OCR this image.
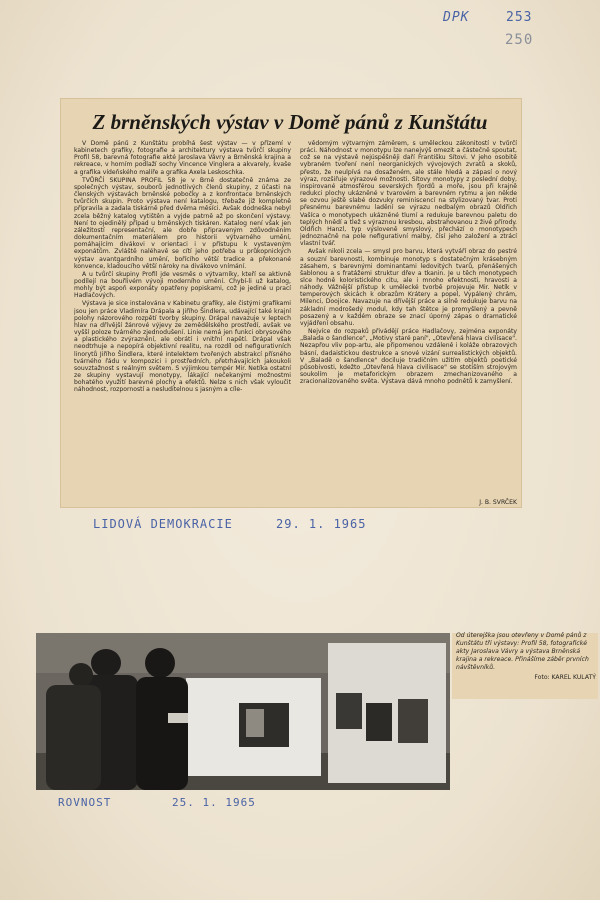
DPK	253
250
Z brněnských výstav v Domě pánů z Kunštátu

V Domě pánů z Kunštátu probíhá šest výstav — v přízemí v kabinetech grafiky, fotografie a architektury výstava tvůrčí skupiny Profil 58, barevná fotografie akté Jaroslava Vávry a Brněnská krajina a rekreace, v horním podlaží sochy Vincence Vinglera a akvarely, kvaše a grafika vídeňského malíře a grafika Axela Leskoschka.

TVŮRČÍ SKUPINA PROFIL 58 je v Brně dostatečně známa ze společných výstav, souborů jednotlivých členů skupiny, z účasti na členských výstavách brněnské pobočky a z konfrontace brněnských tvůrčích skupin. Proto výstava není katalogu, třebaže již kompletně připravila a zadala tiskárně před dvěma měsíci. Avšak dodneška nebyl zcela běžný katalog vytištěn a vyjde patrně až po skončení výstavy. Není to ojedinělý případ u brněnských tiskáren. Katalog není však jen záležitostí representační, ale dobře připraveným zdůvodněním dokumentačním materiálem pro historii výtvarného umění, pomáhajícím divákovi v orientaci i v přístupu k vystaveným exponátům. Zvláště naléhavě se cítí jeho potřeba u průkopnických výstav avantgardního umění, bořícího větší tradice a překonané konvence, kladoucího větší nároky na divákovo vnímání.

A u tvůrčí skupiny Profil jde vesměs o výtvarníky, kteří se aktivně podílejí na bouřlivém vývoji moderního umění. Chybí-li už katalog, mohly být aspoň exponáty opatřeny popiskami, což je jediné u prací Hadlačových.

Výstava je sice instalována v Kabinetu grafiky, ale čistými grafikami jsou jen práce Vladimíra Drápala a Jiřího Šindlera, udávající také krajní polohy názorového rozpětí tvorby skupiny. Drápal navazuje v leptech hlav na dřívější žánrové výjevy ze zemědělského prostředí, avšak ve vyšší poloze tvárného zjednodušení. Linie nemá jen funkci obrysového a plastického zvýraznění, ale obrátí i vnitřní napětí. Drápal však neodtrhuje a nepopírá objektivní realitu, na rozdíl od nefigurativních linorytů Jiřího Šindlera, které intelektem tvořených abstrakcí přísného tvárného řádu v kompozici i prostředních, přetrhávajících jakoukoli souvztažnost s reálným světem. S výjimkou tempér Mir. Netíka ostatní ze skupiny vystavují monotypy, lákající nečekanými možnostmi bohatého využití barevné plochy a efektů. Nelze s nich však vyloučit náhodnost, rozporností a nesluditelnou s jasným a cíle-

vědomým výtvarným záměrem, s uměleckou zákonitostí v tvůrčí práci. Náhodnost v monotypu lze nanejvýš omezit a částečně spoutat, což se na výstavě nejúspěšněji daří Františku Sítovi. V jeho osobitě vybraném tvoření není neorganických vývojových zvratů a skoků, přesto, že neulpívá na dosaženém, ale stále hledá a zápasí o nový výraz, rozšiřuje výrazové možnosti. Sítovy monotypy z poslední doby, inspirované atmosférou severských fjordů a moře, jsou při krajně redukci plochy ukázněné v tvarovém a barevném rytmu a jen někde se ozvou ještě slabé dozvuky reminiscencí na stylizovaný tvar. Proti přesnému barevnému ladění se výrazu nedbalým obrazů Oldřich Vašíca o monotypech ukázněné tlumí a redukuje barevnou paletu do teplých hnědí a tlež s výraznou kresbou, abstrahovanou z živé přírody. Oldřich Hanzl, typ výsloveně smyslový, přechází o monotypech jednoznačně na pole nefigurativní malby, čísí jeho založení a ztrácí vlastní tvář.

Avšak nikoli zcela — smysl pro barvu, která vytváří obraz do pestré a souzní barevností, kombinuje monotyp s dostatečným krásebným zásahem, s barevnými dominantami ledovitých tvarů, přenášených šablonou a s fratážemi struktur dřev a tkanin. Je u těch monotypech slce hodně koloristického citu, ale i mnoho efektnosti, hravosti a náhody. Vážnější přístup k umělecké tvorbě projevuje Mir. Netík v temperových skicách k obrazům Krátery a popel, Vypálený chrám, Milenci, Doojice. Navazuje na dřívější práce a silně redukuje barvu na základní modrošedý modul, kdy tah štětce je promyšlený a pevně posazený a v každém obraze se znací úporný zápas o dramatické vyjádření obsahu.

Nejvíce do rozpaků přivádějí práce Hadlačovy, zejména exponáty „Balada o šandlence", „Motivy staré paní", „Otevřená hlava civilisace". Nezapřou vliv pop-artu, ale připomenou vzdáleně i koláže obrazových básní, dadaistickou destrukce a snové vizání surrealistických objektů. V „Baladě o šandlence" dociluje tradičním užitím objektů poetické působivosti, kdežto „Otevřená hlava civilisace" se stotiším strojovým soukolím je metaforickým obrazem zmechanizovaného a zracionalizovaného světa. Výstava dává mnoho podnětů k zamyšlení.

J. B. SVRČEK
LIDOVÁ DEMOKRACIE	29. 1. 1965
Od úterejška jsou otevřeny v Domě pánů z Kunštátu tři výstavy: Profil 58, fotografické akty Jaroslava Vávry a výstava Brněnská krajina a rekreace. Přinášíme záběr prvních návštěvníků.
Foto: KAREL KULATÝ
ROVNOST	25. 1. 1965
